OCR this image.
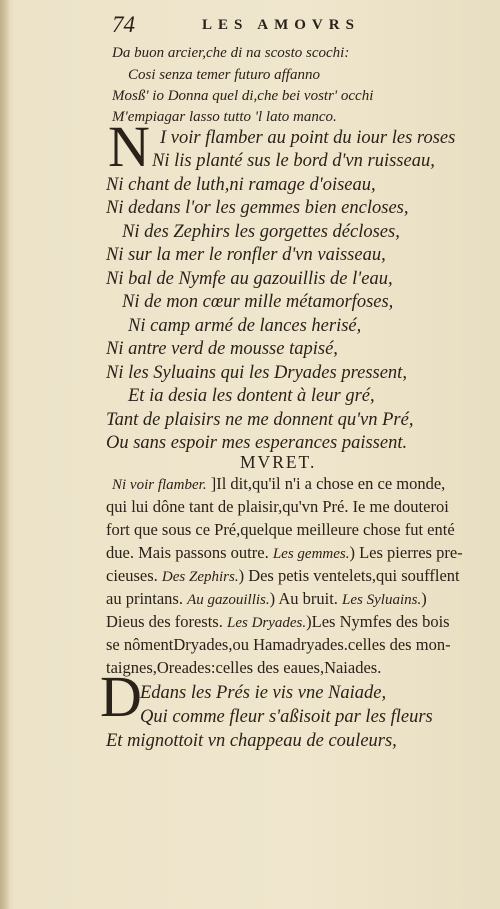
74	LES AMOVRS
Da buon arcier,che di na scosto scochi:
Cosi senza temer futuro affanno
Mosß' io Donna quel di,che bei vostr' occhi
M'empiagar lasso tutto 'l lato manco.
N I voir flamber au point du iour les roses
Ni lis planté sus le bord d'vn ruisseau,
Ni chant de luth,ni ramage d'oiseau,
Ni dedans l'or les gemmes bien encloses,
Ni des Zephirs les gorgettes décloses,
Ni sur la mer le ronfler d'vn vaisseau,
Ni bal de Nymfe au gazouillis de l'eau,
Ni de mon cœur mille métamorfoses,
Ni camp armé de lances herisé,
Ni antre verd de mousse tapisé,
Ni les Syluains qui les Dryades pressent,
Et ia desia les dontent à leur gré,
Tant de plaisirs ne me donnent qu'vn Pré,
Ou sans espoir mes esperances paissent.
MVRET.
Ni voir flamber. ]Il dit,qu'il n'i a chose en ce monde,
qui lui dône tant de plaisir,qu'vn Pré. Ie me douteroi
fort que sous ce Pré,quelque meilleure chose fut enté
due. Mais passons outre. Les gemmes.) Les pierres pre-
cieuses. Des Zephirs.) Des petis ventelets,qui soufflent
au printans. Au gazouillis.) Au bruit. Les Syluains.)
Dieus des forests. Les Dryades.)Les Nymfes des bois
se nômentDryades,ou Hamadryades.celles des mon-
taignes,Oreades:celles des eaues,Naiades.
D
Edans les Prés ie vis vne Naiade,
Qui comme fleur s'aßisoit par les fleurs
Et mignottoit vn chappeau de couleurs,
